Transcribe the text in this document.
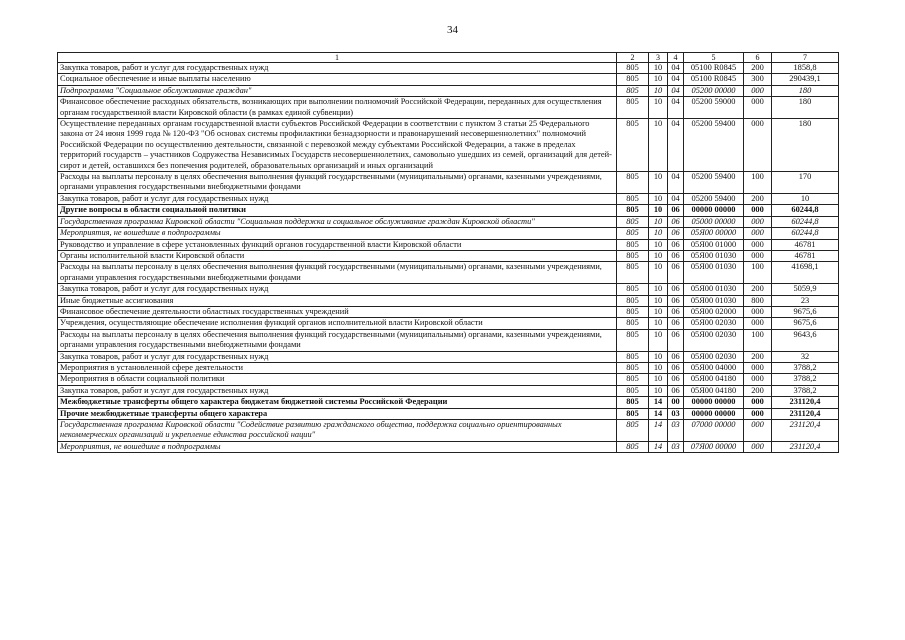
34
1	2	3	4	5	6	7
Закупка товаров, работ и услуг для государственных нужд	805	10	04	05100 R0845	200	1858,8
Социальное обеспечение и иные выплаты населению	805	10	04	05100 R0845	300	290439,1
Подпрограмма "Социальное обслуживание граждан"	805	10	04	05200 00000	000	180
Финансовое обеспечение расходных обязательств, возникающих при выполнении полномочий Российской Федерации, переданных для осуществления органам государственной власти Кировской области (в рамках единой субвенции)	805	10	04	05200 59000	000	180
Осуществление переданных органам государственной власти субъектов Российской Федерации в соответствии с пунктом 3 статьи 25 Федерального закона от 24 июня 1999 года № 120-ФЗ "Об основах системы профилактики безнадзорности и правонарушений несовершеннолетних" полномочий Российской Федерации по осуществлению деятельности, связанной с перевозкой между субъектами Российской Федерации, а также в пределах территорий государств – участников Содружества Независимых Государств несовершеннолетних, самовольно ушедших из семей, организаций для детей-сирот и детей, оставшихся без попечения родителей, образовательных организаций и иных организаций	805	10	04	05200 59400	000	180
Расходы на выплаты персоналу в целях обеспечения выполнения функций государственными (муниципальными) органами, казенными учреждениями, органами управления государственными внебюджетными фондами	805	10	04	05200 59400	100	170
Закупка товаров, работ и услуг для государственных нужд	805	10	04	05200 59400	200	10
Другие вопросы в области социальной политики	805	10	06	00000 00000	000	60244,8
Государственная программа Кировской области "Социальная поддержка и социальное обслуживание граждан Кировской области"	805	10	06	05000 00000	000	60244,8
Мероприятия, не вошедшие в подпрограммы	805	10	06	05Я00 00000	000	60244,8
Руководство и управление в сфере установленных функций органов государственной власти Кировской области	805	10	06	05Я00 01000	000	46781
Органы исполнительной власти Кировской области	805	10	06	05Я00 01030	000	46781
Расходы на выплаты персоналу в целях обеспечения выполнения функций государственными (муниципальными) органами, казенными учреждениями, органами управления государственными внебюджетными фондами	805	10	06	05Я00 01030	100	41698,1
Закупка товаров, работ и услуг для государственных нужд	805	10	06	05Я00 01030	200	5059,9
Иные бюджетные ассигнования	805	10	06	05Я00 01030	800	23
Финансовое обеспечение деятельности областных государственных учреждений	805	10	06	05Я00 02000	000	9675,6
Учреждения, осуществляющие обеспечение исполнения функций органов исполнительной власти Кировской области	805	10	06	05Я00 02030	000	9675,6
Расходы на выплаты персоналу в целях обеспечения выполнения функций государственными (муниципальными) органами, казенными учреждениями, органами управления государственными внебюджетными фондами	805	10	06	05Я00 02030	100	9643,6
Закупка товаров, работ и услуг для государственных нужд	805	10	06	05Я00 02030	200	32
Мероприятия в установленной сфере деятельности	805	10	06	05Я00 04000	000	3788,2
Мероприятия в области социальной политики	805	10	06	05Я00 04180	000	3788,2
Закупка товаров, работ и услуг для государственных нужд	805	10	06	05Я00 04180	200	3788,2
Межбюджетные трансферты общего характера бюджетам бюджетной системы Российской Федерации	805	14	00	00000 00000	000	231120,4
Прочие межбюджетные трансферты общего характера	805	14	03	00000 00000	000	231120,4
Государственная программа Кировской области "Содействие развитию гражданского общества, поддержка социально ориентированных некоммерческих организаций и укрепление единства российской нации"	805	14	03	07000 00000	000	231120,4
Мероприятия, не вошедшие в подпрограммы	805	14	03	07Я00 00000	000	231120,4
